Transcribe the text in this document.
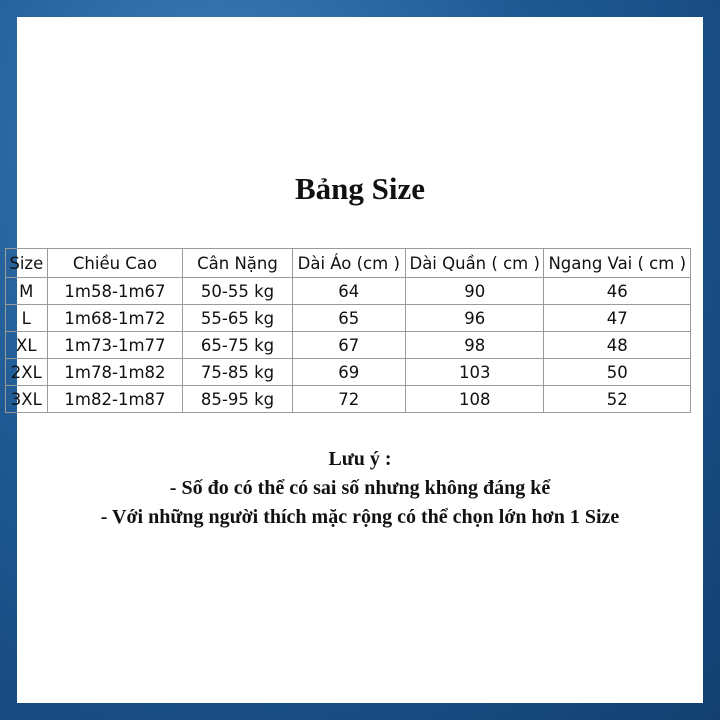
Bảng Size
Size	Chiều Cao	Cân Nặng	Dài Áo (cm )	Dài Quần ( cm )	Ngang Vai ( cm )
M	1m58-1m67	50-55 kg	64	90	46
L	1m68-1m72	55-65 kg	65	96	47
XL	1m73-1m77	65-75 kg	67	98	48
2XL	1m78-1m82	75-85 kg	69	103	50
3XL	1m82-1m87	85-95 kg	72	108	52
Lưu ý :
- Số đo có thể có sai số nhưng không đáng kể
- Với những người thích mặc rộng có thể chọn lớn hơn 1 Size
